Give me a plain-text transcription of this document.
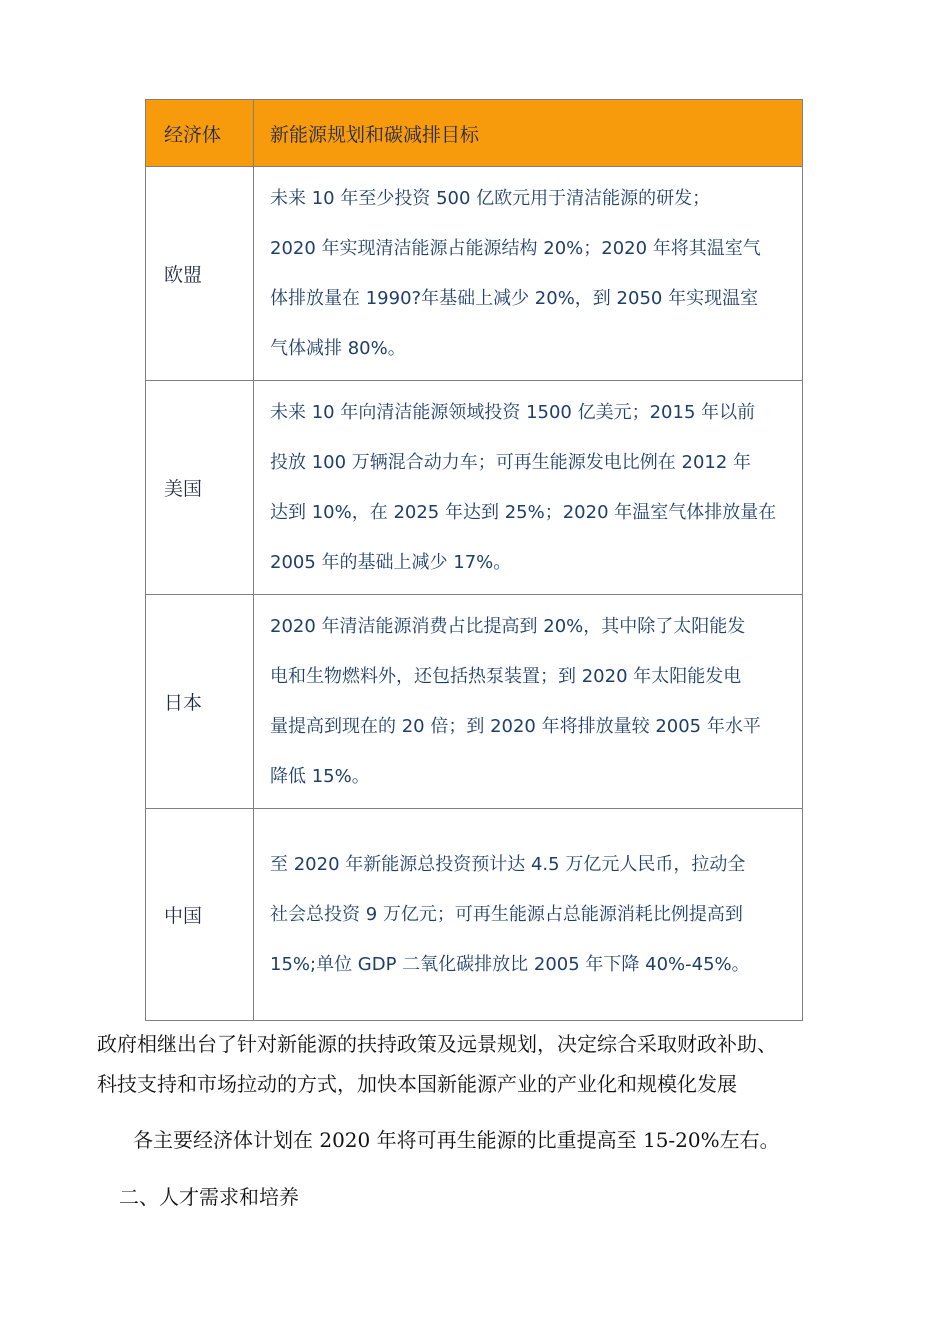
经济体	新能源规划和碳减排目标
欧盟	未来 10 年至少投资 500 亿欧元用于清洁能源的研发；
2020 年实现清洁能源占能源结构 20%；2020 年将其温室气
体排放量在 1990?年基础上减少 20%，到 2050 年实现温室
气体减排 80%。

美国	未来 10 年向清洁能源领域投资 1500 亿美元；2015 年以前
投放 100 万辆混合动力车；可再生能源发电比例在 2012 年
达到 10%，在 2025 年达到 25%；2020 年温室气体排放量在
2005 年的基础上减少 17%。

日本	2020 年清洁能源消费占比提高到 20%，其中除了太阳能发
电和生物燃料外，还包括热泵装置；到 2020 年太阳能发电
量提高到现在的 20 倍；到 2020 年将排放量较 2005 年水平
降低 15%。

中国	至 2020 年新能源总投资预计达 4.5 万亿元人民币，拉动全
社会总投资 9 万亿元；可再生能源占总能源消耗比例提高到
15%;单位 GDP 二氧化碳排放比 2005 年下降 40%-45%。
政府相继出台了针对新能源的扶持政策及远景规划，决定综合采取财政补助、
科技支持和市场拉动的方式，加快本国新能源产业的产业化和规模化发展
各主要经济体计划在 2020 年将可再生能源的比重提高至 15-20%左右。
二、人才需求和培养
